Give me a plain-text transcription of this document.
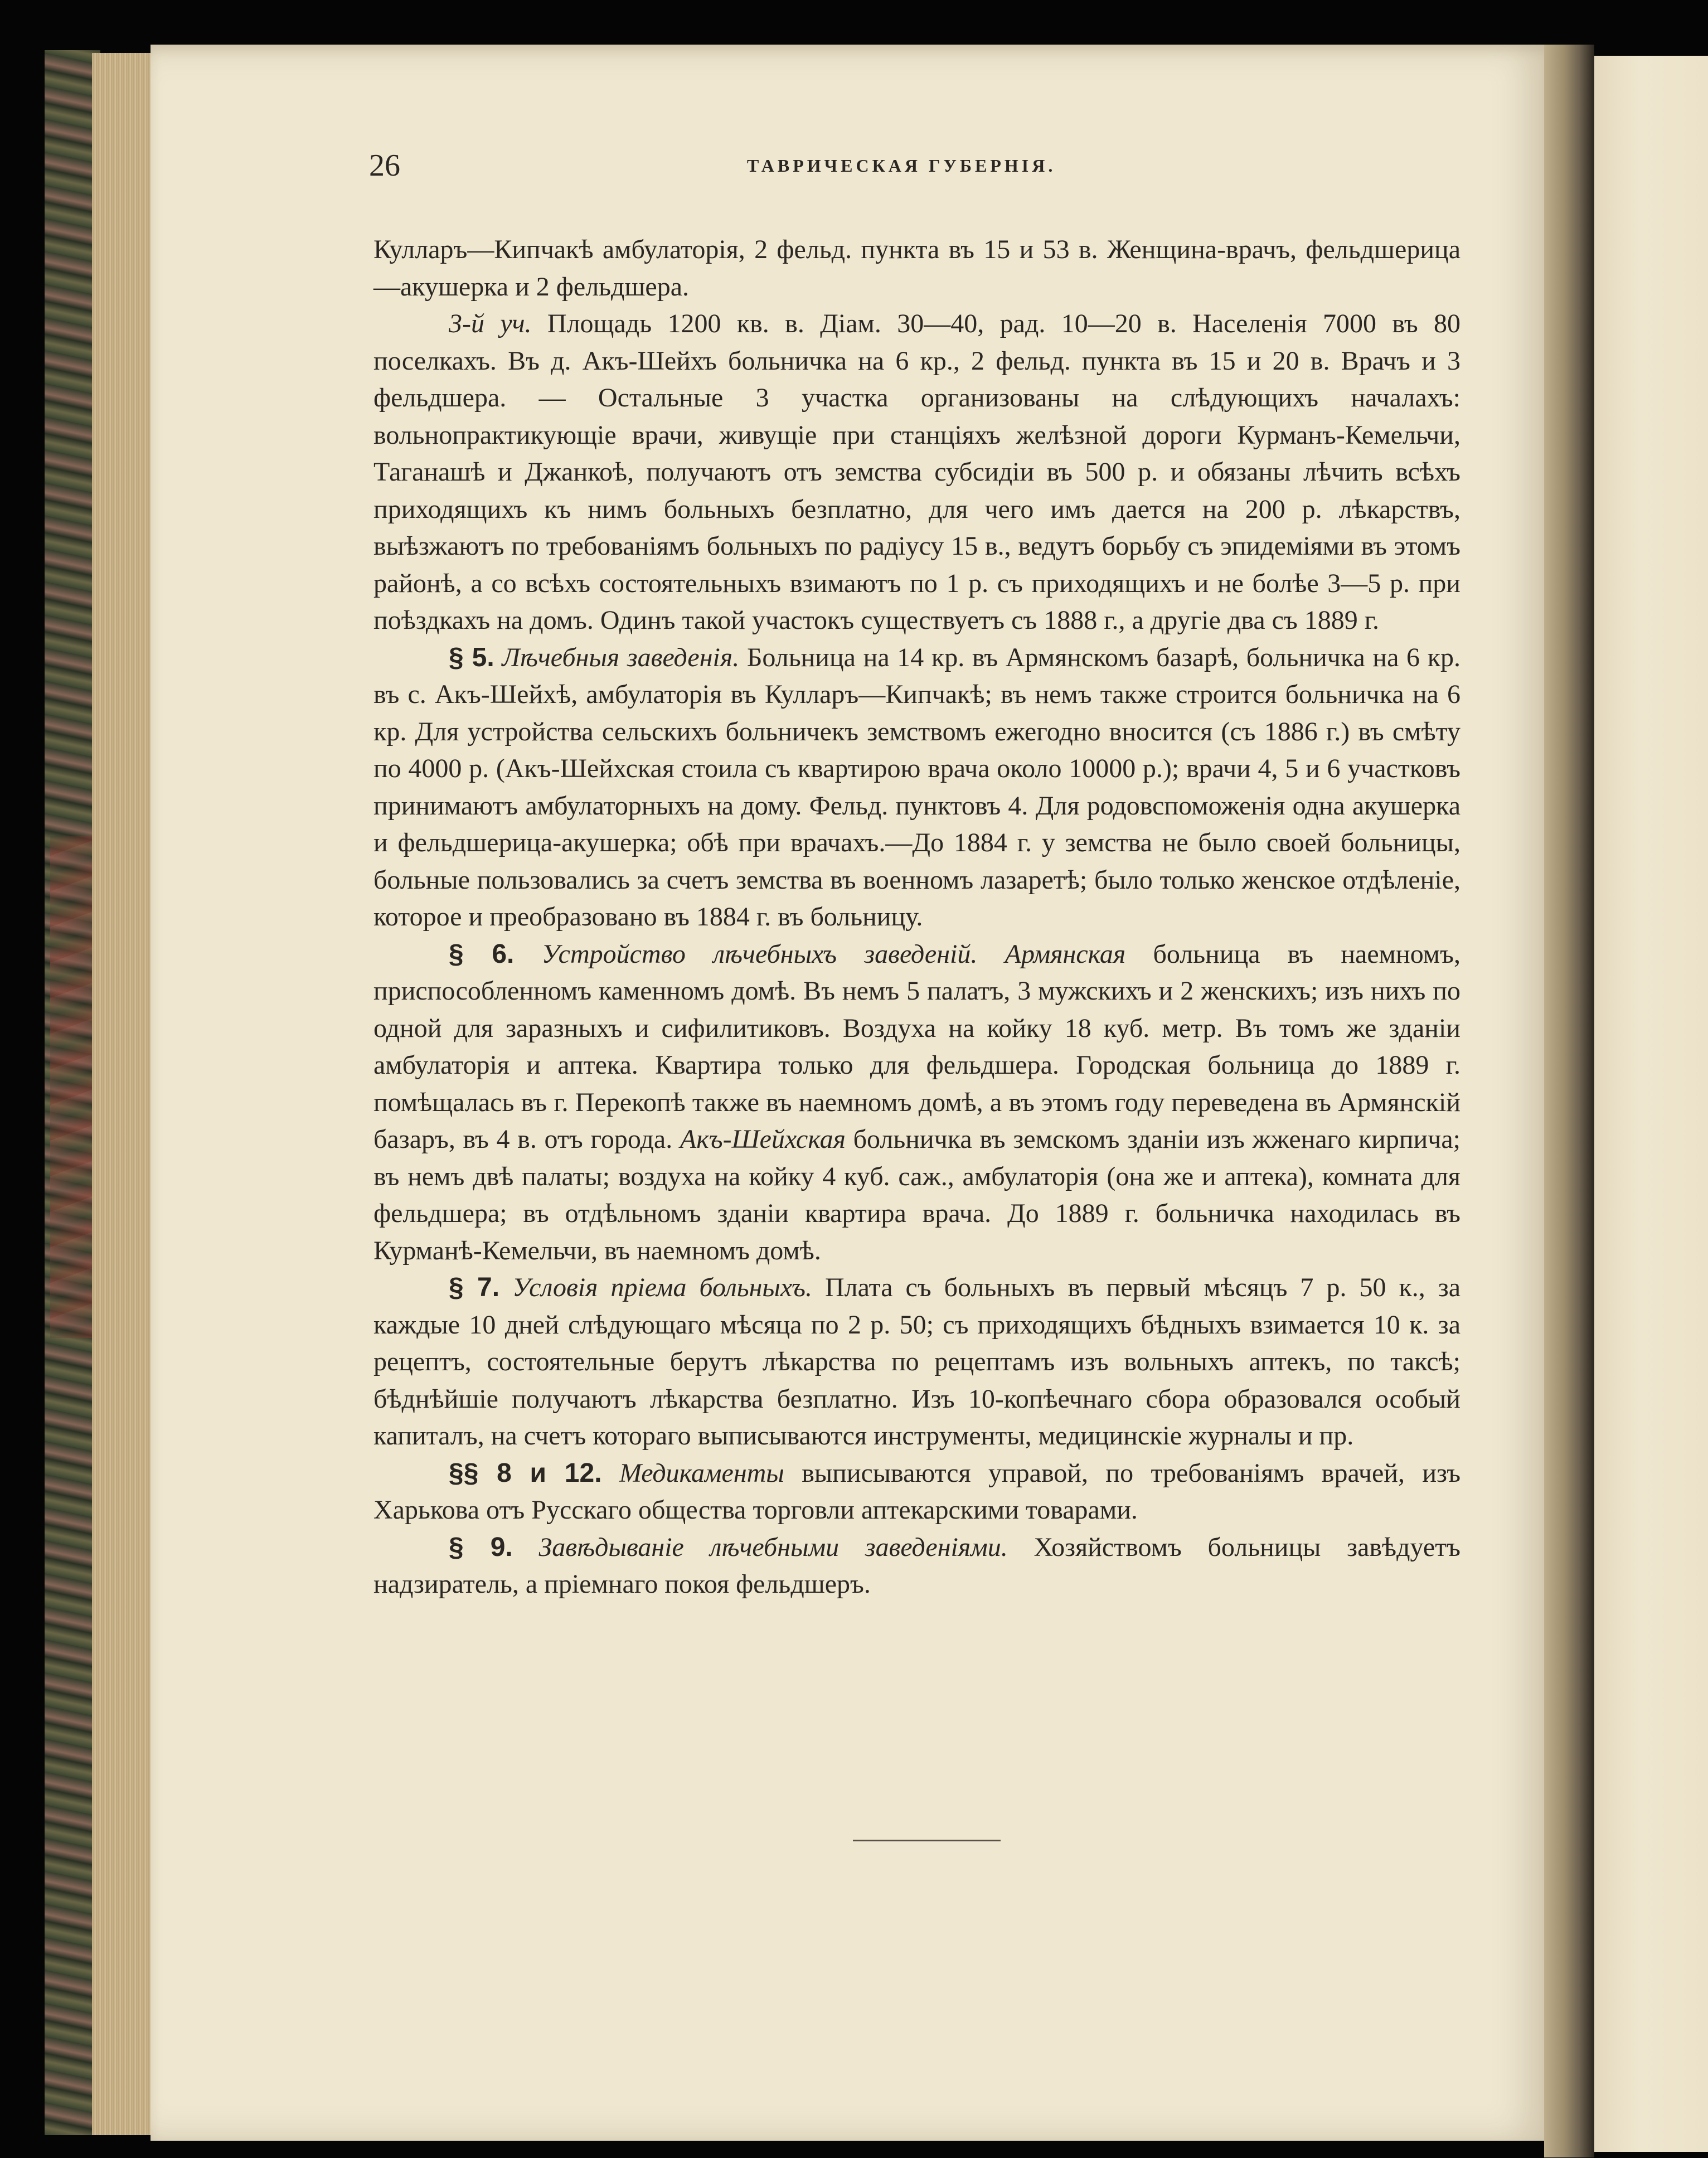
26	ТАВРИЧЕСКАЯ ГУБЕРНІЯ.

Кулларъ—Кипчакѣ амбулаторія, 2 фельд. пункта въ 15 и 53 в. Женщина-врачъ, фельдшерица—акушерка и 2 фельдшера.

3-й уч. Площадь 1200 кв. в. Діам. 30—40, рад. 10—20 в. Населенія 7000 въ 80 поселкахъ. Въ д. Акъ-Шейхъ больничка на 6 кр., 2 фельд. пункта въ 15 и 20 в. Врачъ и 3 фельдшера. — Остальные 3 участка организованы на слѣдующихъ началахъ: вольнопрактикующіе врачи, живущіе при станціяхъ желѣзной дороги Курманъ-Кемельчи, Таганашѣ и Джанкоѣ, получаютъ отъ земства субсидіи въ 500 р. и обязаны лѣчить всѣхъ приходящихъ къ нимъ больныхъ безплатно, для чего имъ дается на 200 р. лѣкарствъ, выѣзжаютъ по требованіямъ больныхъ по радіусу 15 в., ведутъ борьбу съ эпидеміями въ этомъ районѣ, а со всѣхъ состоятельныхъ взимаютъ по 1 р. съ приходящихъ и не болѣе 3—5 р. при поѣздкахъ на домъ. Одинъ такой участокъ существуетъ съ 1888 г., а другіе два съ 1889 г.

§ 5. Лѣчебныя заведенія. Больница на 14 кр. въ Армянскомъ базарѣ, больничка на 6 кр. въ с. Акъ-Шейхѣ, амбулаторія въ Кулларъ—Кипчакѣ; въ немъ также строится больничка на 6 кр. Для устройства сельскихъ больничекъ земствомъ ежегодно вносится (съ 1886 г.) въ смѣту по 4000 р. (Акъ-Шейхская стоила съ квартирою врача около 10000 р.); врачи 4, 5 и 6 участковъ принимаютъ амбулаторныхъ на дому. Фельд. пунктовъ 4. Для родовспоможенія одна акушерка и фельдшерица-акушерка; обѣ при врачахъ.—До 1884 г. у земства не было своей больницы, больные пользовались за счетъ земства въ военномъ лазаретѣ; было только женское отдѣленіе, которое и преобразовано въ 1884 г. въ больницу.

§ 6. Устройство лѣчебныхъ заведеній. Армянская больница въ наемномъ, приспособленномъ каменномъ домѣ. Въ немъ 5 палатъ, 3 мужскихъ и 2 женскихъ; изъ нихъ по одной для заразныхъ и сифилитиковъ. Воздуха на койку 18 куб. метр. Въ томъ же зданіи амбулаторія и аптека. Квартира только для фельдшера. Городская больница до 1889 г. помѣщалась въ г. Перекопѣ также въ наемномъ домѣ, а въ этомъ году переведена въ Армянскій базаръ, въ 4 в. отъ города. Акъ-Шейхская больничка въ земскомъ зданіи изъ жженаго кирпича; въ немъ двѣ палаты; воздуха на койку 4 куб. саж., амбулаторія (она же и аптека), комната для фельдшера; въ отдѣльномъ зданіи квартира врача. До 1889 г. больничка находилась въ Курманѣ-Кемельчи, въ наемномъ домѣ.

§ 7. Условія пріема больныхъ. Плата съ больныхъ въ первый мѣсяцъ 7 р. 50 к., за каждые 10 дней слѣдующаго мѣсяца по 2 р. 50; съ приходящихъ бѣдныхъ взимается 10 к. за рецептъ, состоятельные берутъ лѣкарства по рецептамъ изъ вольныхъ аптекъ, по таксѣ; бѣднѣйшіе получаютъ лѣкарства безплатно. Изъ 10-копѣечнаго сбора образовался особый капиталъ, на счетъ котораго выписываются инструменты, медицинскіе журналы и пр.

§§ 8 и 12. Медикаменты выписываются управой, по требованіямъ врачей, изъ Харькова отъ Русскаго общества торговли аптекарскими товарами.

§ 9. Завѣдываніе лѣчебными заведеніями. Хозяйствомъ больницы завѣдуетъ надзиратель, а пріемнаго покоя фельдшеръ.
